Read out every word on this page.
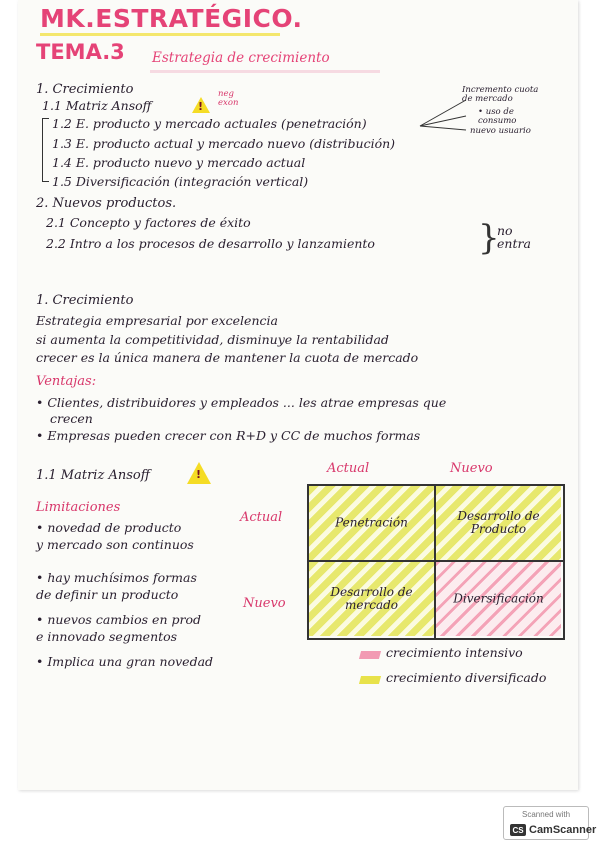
MK.ESTRATÉGICO.
TEMA.3 Estrategia de crecimiento
1. Crecimiento
1.1 Matriz Ansoff	!
neg
exon
1.2 E. producto y mercado actuales (penetración)
1.3 E. producto actual y mercado nuevo (distribución)
1.4 E. producto nuevo y mercado actual
1.5 Diversificación (integración vertical)
Incremento cuota
de mercado
• uso de
consumo
nuevo usuario
2. Nuevos productos.
2.1 Concepto y factores de éxito
2.2 Intro a los procesos de desarrollo y lanzamiento	}
no
entra
1. Crecimiento
Estrategia empresarial por excelencia
si aumenta la competitividad, disminuye la rentabilidad
crecer es la única manera de mantener la cuota de mercado
Ventajas:
• Clientes, distribuidores y empleados ... les atrae empresas que
crecen
• Empresas pueden crecer con R+D y CC de muchos formas
1.1 Matriz Ansoff	!
Limitaciones
• novedad de producto
y mercado son continuos
• hay muchísimos formas
de definir un producto
• nuevos cambios en prod
e innovado segmentos
• Implica una gran novedad
Actual	Nuevo
Actual
Nuevo
Penetración	Desarrollo de Producto
Desarrollo de mercado	Diversificación
crecimiento intensivo
crecimiento diversificado
Scanned with
CS CamScanner
